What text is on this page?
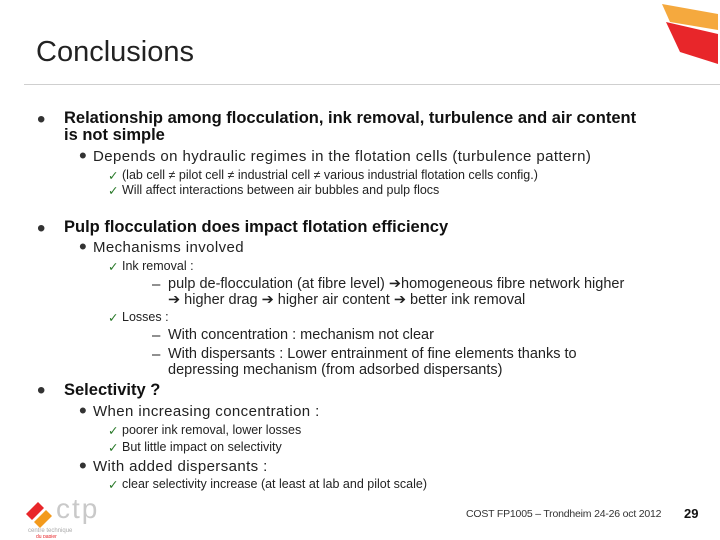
Conclusions
• Relationship among flocculation, ink removal, turbulence and air content
is not simple
• Depends on hydraulic regimes in the flotation cells (turbulence pattern)
✓ (lab cell ≠ pilot cell ≠ industrial cell ≠ various industrial flotation cells config.)
✓ Will affect interactions between air bubbles and pulp flocs
• Pulp flocculation does impact flotation efficiency
• Mechanisms involved
✓ Ink removal :
– pulp de-flocculation (at fibre level) ➔homogeneous fibre network higher
➔ higher drag ➔ higher air content ➔ better ink removal
✓ Losses :
– With concentration : mechanism not clear
– With dispersants : Lower entrainment of fine elements thanks to
depressing mechanism (from adsorbed dispersants)
• Selectivity ?
• When increasing concentration :
✓ poorer ink removal, lower losses
✓ But little impact on selectivity
• With added dispersants :
✓ clear selectivity increase (at least at lab and pilot scale)
ctp
centre technique
du papier
COST FP1005 – Trondheim 24-26 oct 2012 29
